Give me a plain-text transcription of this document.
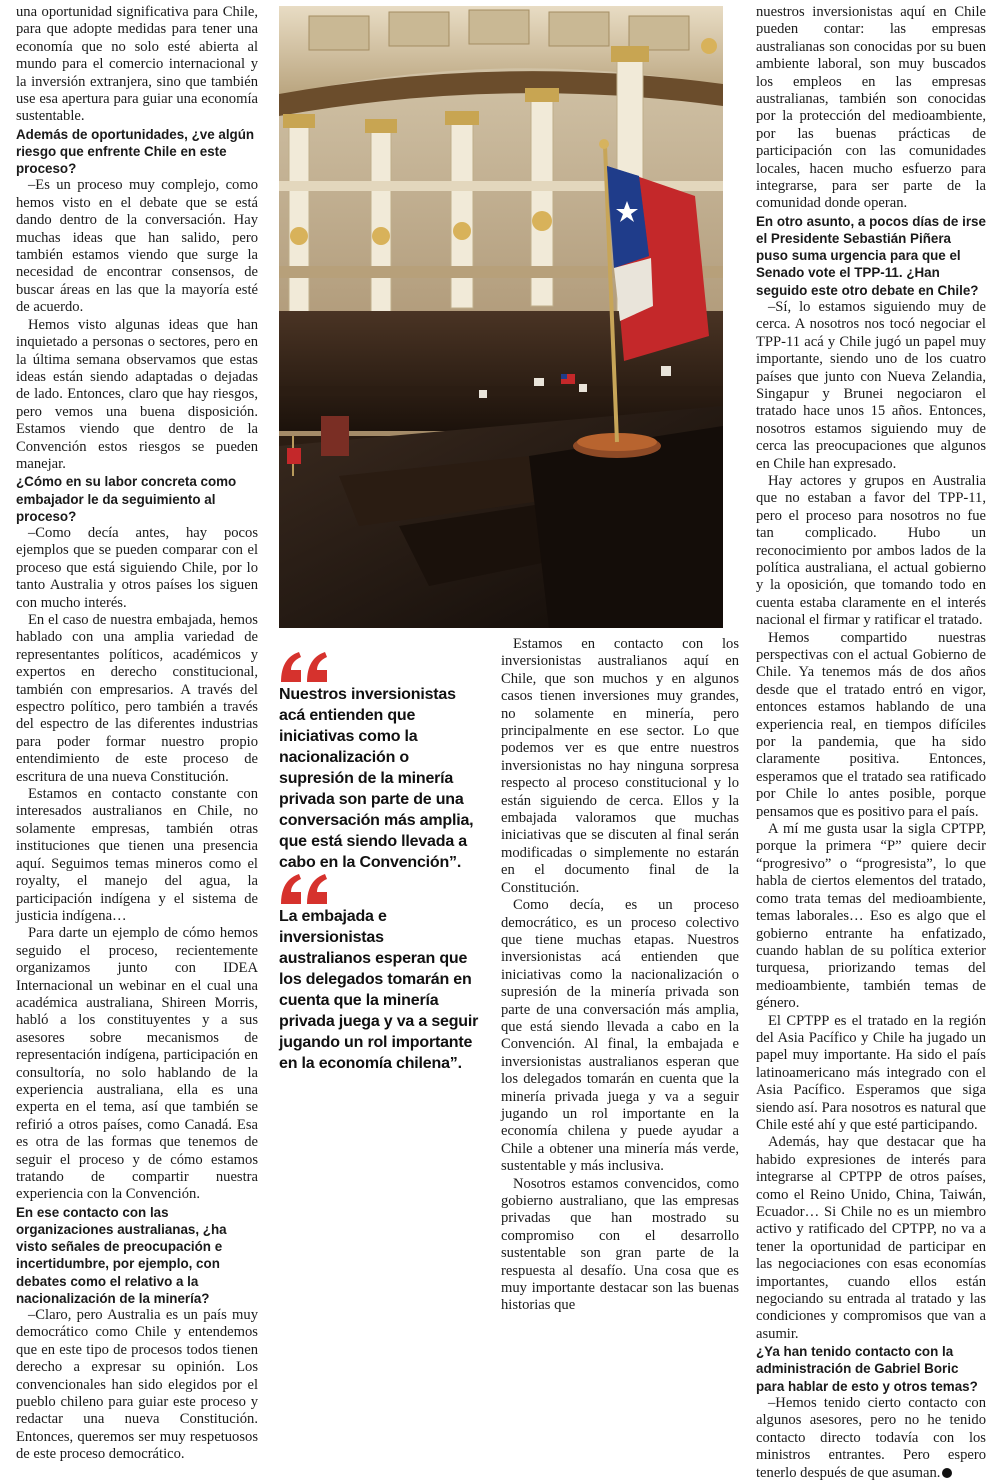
una oportunidad significativa para Chile, para que adopte medidas para tener una economía que no solo esté abierta al mundo para el comercio internacional y la inversión extranjera, sino que también use esa apertura para guiar una economía sustentable.

Además de oportunidades, ¿ve algún riesgo que enfrente Chile en este proceso?

–Es un proceso muy complejo, como hemos visto en el debate que se está dando dentro de la conversación. Hay muchas ideas que han salido, pero también estamos viendo que surge la necesidad de encontrar consensos, de buscar áreas en las que la mayoría esté de acuerdo.

Hemos visto algunas ideas que han inquietado a personas o sectores, pero en la última semana observamos que estas ideas están siendo adaptadas o dejadas de lado. Entonces, claro que hay riesgos, pero vemos una buena disposición. Estamos viendo que dentro de la Convención estos riesgos se pueden manejar.

¿Cómo en su labor concreta como embajador le da seguimiento al proceso?

–Como decía antes, hay pocos ejemplos que se pueden comparar con el proceso que está siguiendo Chile, por lo tanto Australia y otros países los siguen con mucho interés.

En el caso de nuestra embajada, hemos hablado con una amplia variedad de representantes políticos, académicos y expertos en derecho constitucional, también con empresarios. A través del espectro político, pero también a través del espectro de las diferentes industrias para poder formar nuestro propio entendimiento de este proceso de escritura de una nueva Constitución.

Estamos en contacto constante con interesados australianos en Chile, no solamente empresas, también otras instituciones que tienen una presencia aquí. Seguimos temas mineros como el royalty, el manejo del agua, la participación indígena y el sistema de justicia indígena…

Para darte un ejemplo de cómo hemos seguido el proceso, recientemente organizamos junto con IDEA Internacional un webinar en el cual una académica australiana, Shireen Morris, habló a los constituyentes y a sus asesores sobre mecanismos de representación indígena, participación en consultoría, no solo hablando de la experiencia australiana, ella es una experta en el tema, así que también se refirió a otros países, como Canadá. Esa es otra de las formas que tenemos de seguir el proceso y de cómo estamos tratando de compartir nuestra experiencia con la Convención.

En ese contacto con las organizaciones australianas, ¿ha visto señales de preocupación e incertidumbre, por ejemplo, con debates como el relativo a la nacionalización de la minería?

–Claro, pero Australia es un país muy democrático como Chile y entendemos que en este tipo de procesos todos tienen derecho a expresar su opinión. Los convencionales han sido elegidos por el pueblo chileno para guiar este proceso y redactar una nueva Constitución. Entonces, queremos ser muy respetuosos de este proceso democrático.

Nuestros inversionistas acá entienden que iniciativas como la nacionalización o supresión de la minería privada son parte de una conversación más amplia, que está siendo llevada a cabo en la Convención”.
La embajada e inversionistas australianos esperan que los delegados tomarán en cuenta que la minería privada juega y va a seguir jugando un rol importante en la economía chilena”.

Estamos en contacto con los inversionistas australianos aquí en Chile, que son muchos y en algunos casos tienen inversiones muy grandes, no solamente en minería, pero principalmente en ese sector. Lo que podemos ver es que entre nuestros inversionistas no hay ninguna sorpresa respecto al proceso constitucional y lo están siguiendo de cerca. Ellos y la embajada valoramos que muchas iniciativas que se discuten al final serán modificadas o simplemente no estarán en el documento final de la Constitución.

Como decía, es un proceso democrático, es un proceso colectivo que tiene muchas etapas. Nuestros inversionistas acá entienden que iniciativas como la nacionalización o supresión de la minería privada son parte de una conversación más amplia, que está siendo llevada a cabo en la Convención. Al final, la embajada e inversionistas australianos esperan que los delegados tomarán en cuenta que la minería privada juega y va a seguir jugando un rol importante en la economía chilena y puede ayudar a Chile a obtener una minería más verde, sustentable y más inclusiva.

Nosotros estamos convencidos, como gobierno australiano, que las empresas privadas que han mostrado su compromiso con el desarrollo sustentable son gran parte de la respuesta al desafío. Una cosa que es muy importante destacar son las buenas historias que

nuestros inversionistas aquí en Chile pueden contar: las empresas australianas son conocidas por su buen ambiente laboral, son muy buscados los empleos en las empresas australianas, también son conocidas por la protección del medioambiente, por las buenas prácticas de participación con las comunidades locales, hacen mucho esfuerzo para integrarse, para ser parte de la comunidad donde operan.

En otro asunto, a pocos días de irse el Presidente Sebastián Piñera puso suma urgencia para que el Senado vote el TPP-11. ¿Han seguido este otro debate en Chile?

–Sí, lo estamos siguiendo muy de cerca. A nosotros nos tocó negociar el TPP-11 acá y Chile jugó un papel muy importante, siendo uno de los cuatro países que junto con Nueva Zelandia, Singapur y Brunei negociaron el tratado hace unos 15 años. Entonces, nosotros estamos siguiendo muy de cerca las preocupaciones que algunos en Chile han expresado.

Hay actores y grupos en Australia que no estaban a favor del TPP-11, pero el proceso para nosotros no fue tan complicado. Hubo un reconocimiento por ambos lados de la política australiana, el actual gobierno y la oposición, que tomando todo en cuenta estaba claramente en el interés nacional el firmar y ratificar el tratado.

Hemos compartido nuestras perspectivas con el actual Gobierno de Chile. Ya tenemos más de dos años desde que el tratado entró en vigor, entonces estamos hablando de una experiencia real, en tiempos difíciles por la pandemia, que ha sido claramente positiva. Entonces, esperamos que el tratado sea ratificado por Chile lo antes posible, porque pensamos que es positivo para el país.

A mí me gusta usar la sigla CPTPP, porque la primera “P” quiere decir “progresivo” o “progresista”, lo que habla de ciertos elementos del tratado, como trata temas del medioambiente, temas laborales… Eso es algo que el gobierno entrante ha enfatizado, cuando hablan de su política exterior turquesa, priorizando temas del medioambiente, también temas de género.

El CPTPP es el tratado en la región del Asia Pacífico y Chile ha jugado un papel muy importante. Ha sido el país latinoamericano más integrado con el Asia Pacífico. Esperamos que siga siendo así. Para nosotros es natural que Chile esté ahí y que esté participando.

Además, hay que destacar que ha habido expresiones de interés para integrarse al CPTPP de otros países, como el Reino Unido, China, Taiwán, Ecuador… Si Chile no es un miembro activo y ratificado del CPTPP, no va a tener la oportunidad de participar en las negociaciones con esas economías importantes, cuando ellos están negociando su entrada al tratado y las condiciones y compromisos que van a asumir.

¿Ya han tenido contacto con la administración de Gabriel Boric para hablar de esto y otros temas?

–Hemos tenido cierto contacto con algunos asesores, pero no he tenido contacto directo todavía con los ministros entrantes. Pero espero tenerlo después de que asuman.
